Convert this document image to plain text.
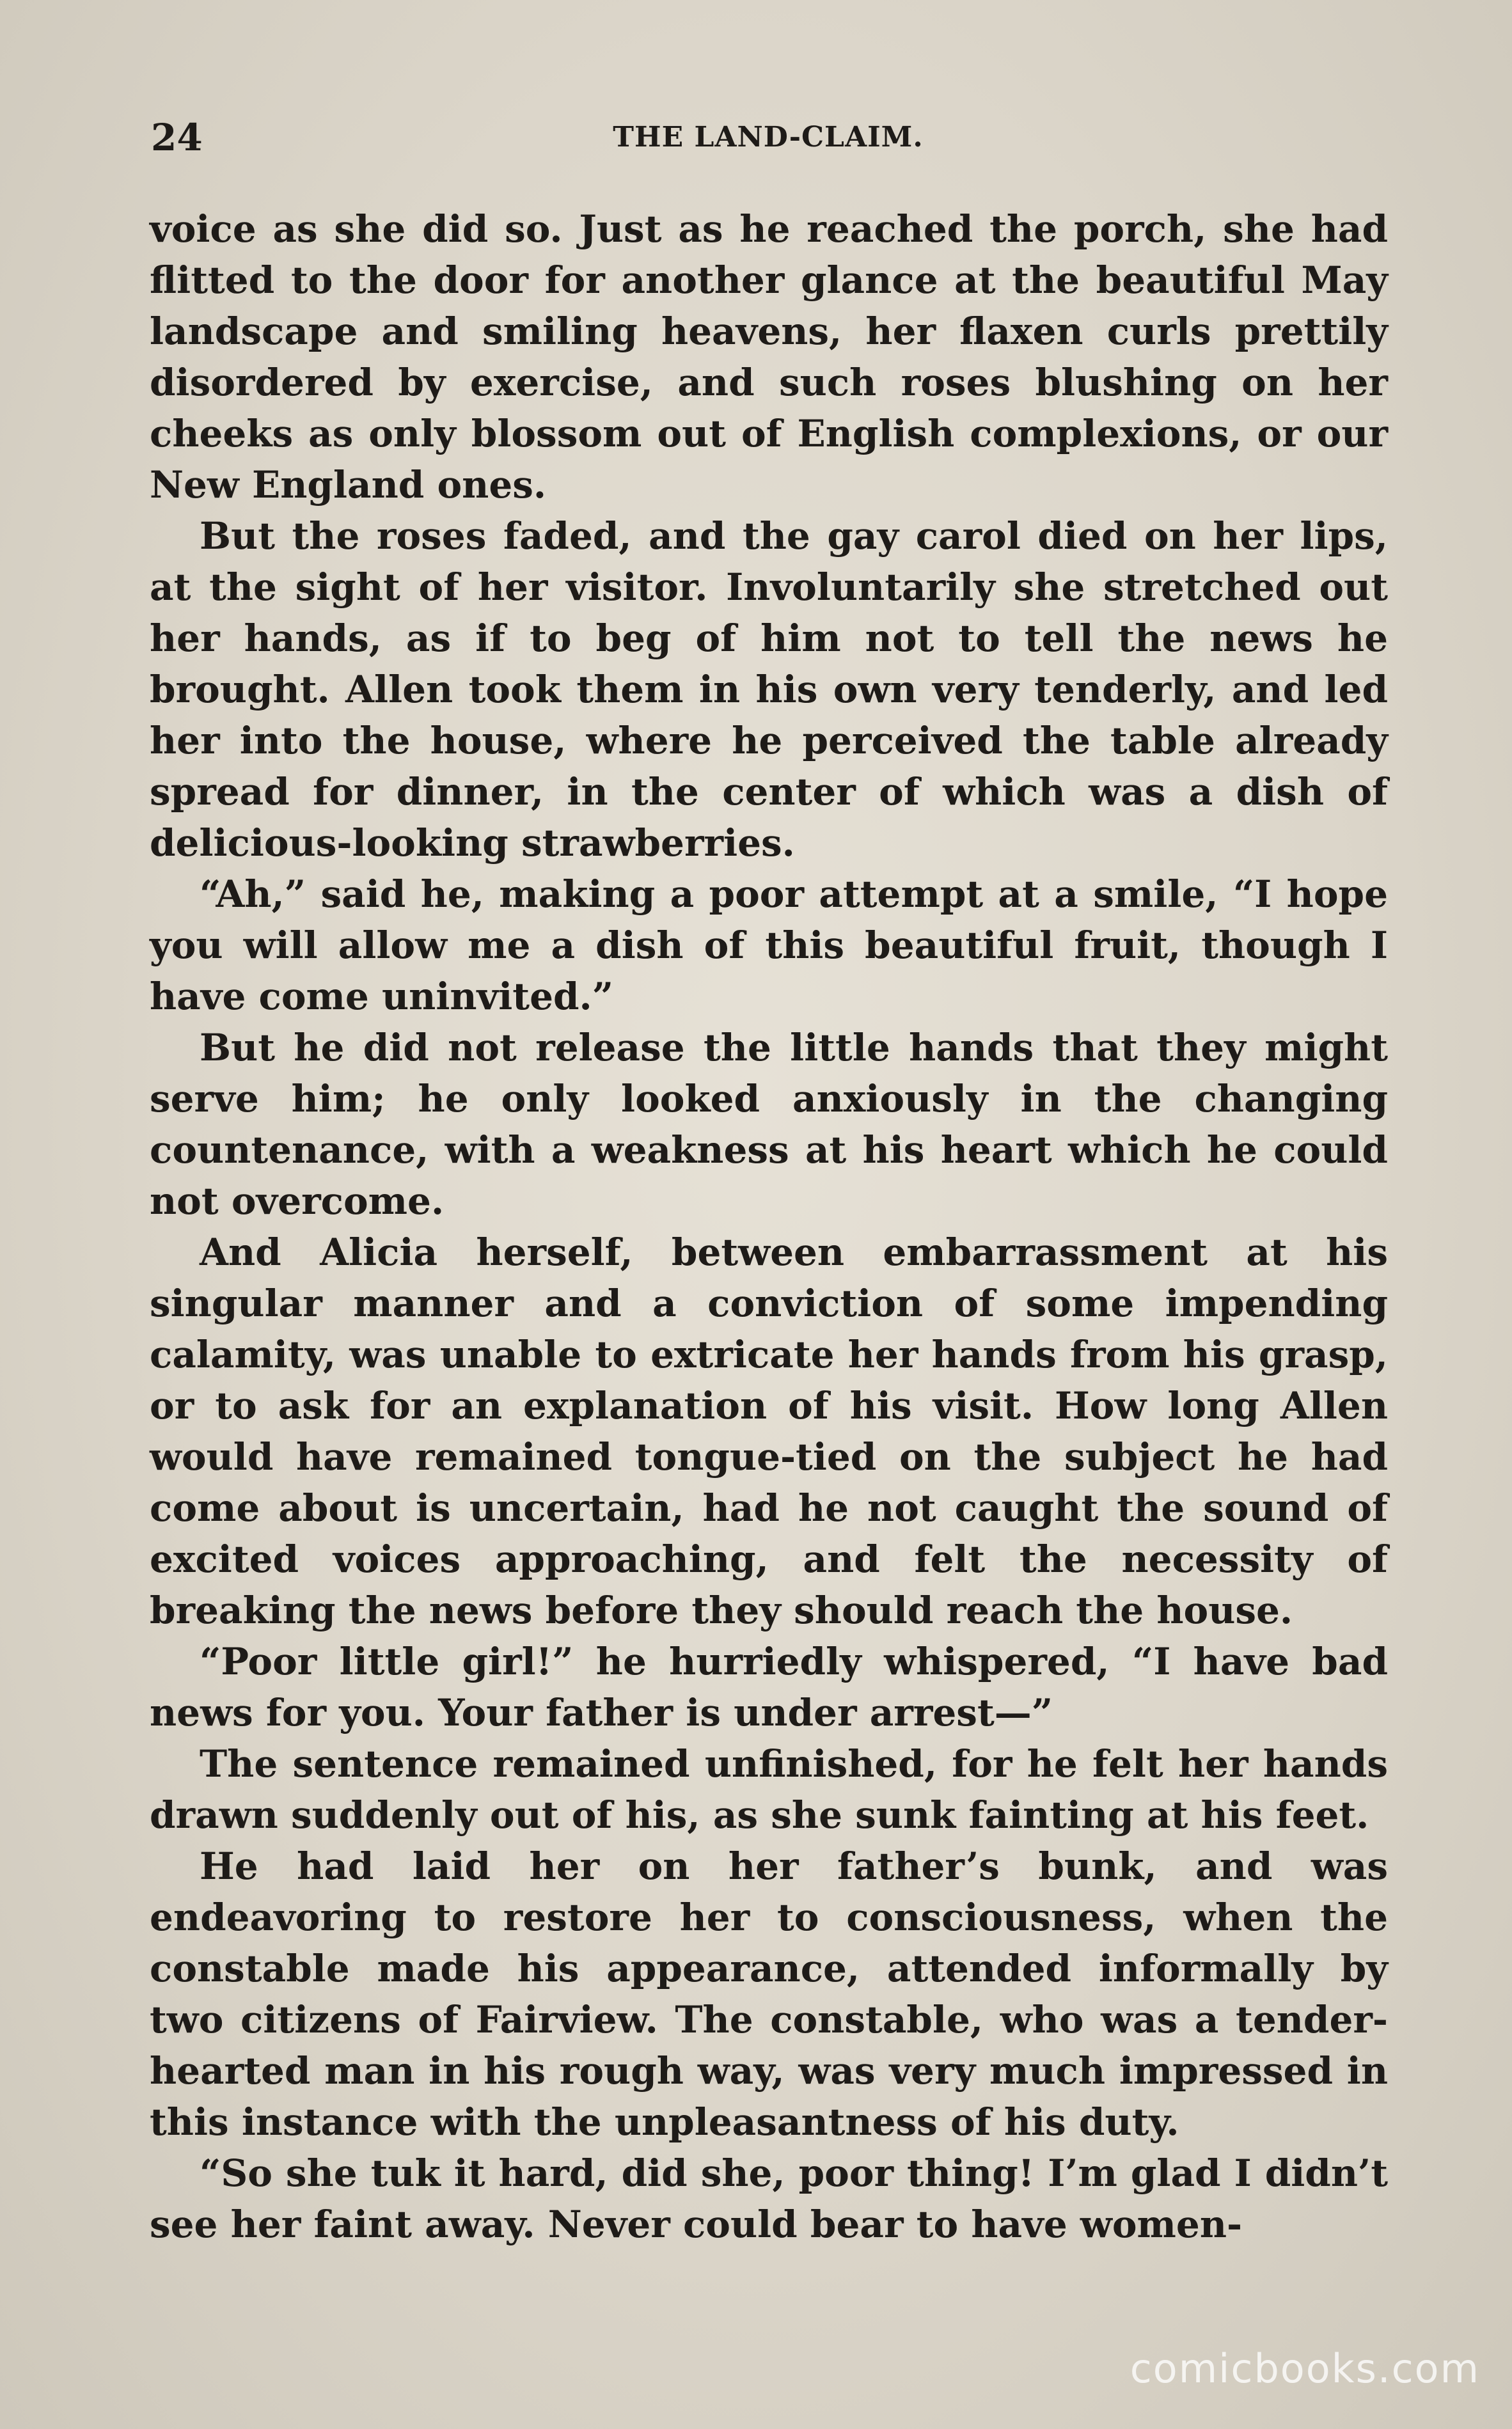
24	THE LAND-CLAIM.

voice as she did so. Just as he reached the porch, she had flitted to the door for another glance at the beautiful May landscape and smiling heavens, her flaxen curls prettily disordered by exercise, and such roses blushing on her cheeks as only blossom out of English complexions, or our New England ones.

But the roses faded, and the gay carol died on her lips, at the sight of her visitor. Involuntarily she stretched out her hands, as if to beg of him not to tell the news he brought. Allen took them in his own very tenderly, and led her into the house, where he perceived the table already spread for dinner, in the center of which was a dish of delicious-looking strawberries.

“Ah,” said he, making a poor attempt at a smile, “I hope you will allow me a dish of this beautiful fruit, though I have come uninvited.”

But he did not release the little hands that they might serve him; he only looked anxiously in the changing countenance, with a weakness at his heart which he could not overcome.

And Alicia herself, between embarrassment at his singular manner and a conviction of some impending calamity, was unable to extricate her hands from his grasp, or to ask for an explanation of his visit. How long Allen would have remained tongue-tied on the subject he had come about is uncertain, had he not caught the sound of excited voices approaching, and felt the necessity of breaking the news before they should reach the house.

“Poor little girl!” he hurriedly whispered, “I have bad news for you. Your father is under arrest—”

The sentence remained unfinished, for he felt her hands drawn suddenly out of his, as she sunk fainting at his feet.

He had laid her on her father’s bunk, and was endeavoring to restore her to consciousness, when the constable made his appearance, attended informally by two citizens of Fairview. The constable, who was a tender-hearted man in his rough way, was very much impressed in this instance with the unpleasantness of his duty.

“So she tuk it hard, did she, poor thing! I’m glad I didn’t see her faint away. Never could bear to have women-

comicbooks.com
